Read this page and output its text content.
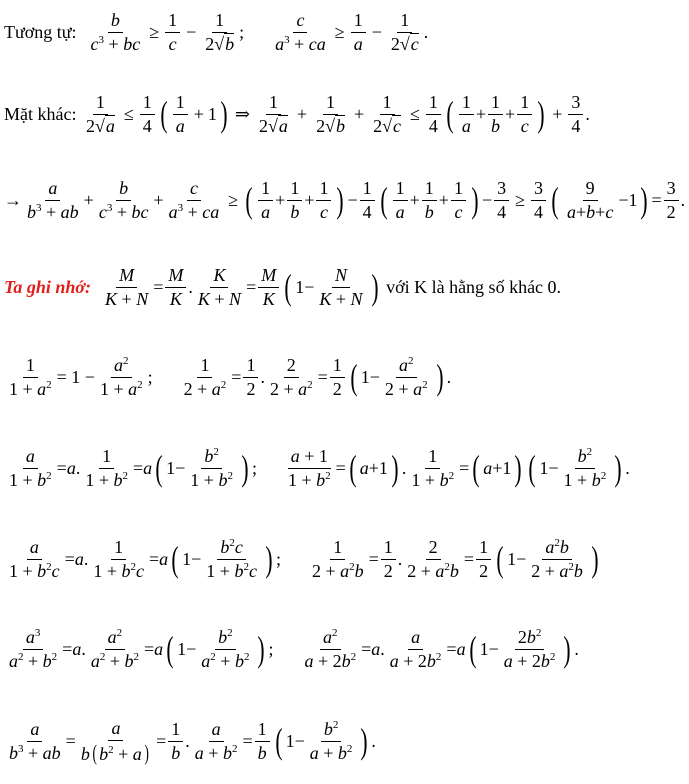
Tương tự:
$\frac{b}{c^3 + bc} \ge \frac{1}{c} - \frac{1}{2√b}$ ; $\frac{c}{a^3 + ca} \ge \frac{1}{a} - \frac{1}{2√c}$ .
Mặt khác:
$\frac{1}{2√a} \le \frac{1}{4}$ ( $\frac{1}{a} + 1$ ) ⇒ $\frac{1}{2√a} + \frac{1}{2√b} + \frac{1}{2√c} \le \frac{1}{4}$ ( $\frac{1}{a} + \frac{1}{b} + \frac{1}{c}$ ) + $\frac{3}{4}$ .
→ $\frac{a}{b^3 + ab} + \frac{b}{c^3 + bc} + \frac{c}{a^3 + ca}$ ≥ ( $\frac{1}{a} + \frac{1}{b} + \frac{1}{c}$ ) − $\frac{1}{4}$ ( $\frac{1}{a} + \frac{1}{b} + \frac{1}{c}$ ) − $\frac{3}{4} \ge \frac{3}{4}$ ( $\frac{9}{a+b+c} -1$ ) = $\frac{3}{2}$ .
Ta ghi nhớ:
$\frac{M}{K + N} = \frac{M}{K}$ . $\frac{K}{K + N} = \frac{M}{K}$ ( $1- \frac{N}{K + N}$ )
với K là hằng số khác 0.
$\frac{1}{1 + a^2} = 1 - \frac{a^2}{1 + a^2}$ ; $\frac{1}{2 + a^2} = \frac{1}{2}$ . $\frac{2}{2 + a^2} = \frac{1}{2}$ ( $1- \frac{a^2}{2 + a^2}$ ) .
$\frac{a}{1 + b^2} = a$ . $\frac{1}{1 + b^2} = a$ ( $1- \frac{b^2}{1 + b^2}$ ) ; $\frac{a + 1}{1 + b^2}$ = ( a +1 ) . $\frac{1}{1 + b^2}$ = ( a +1 ) ( $1- \frac{b^2}{1 + b^2}$ ) .
$\frac{a}{1 + b^2c} = a$ . $\frac{1}{1 + b^2c} = a$ ( $1- \frac{b^2c}{1 + b^2c}$ ) ; $\frac{1}{2 + a^2b} = \frac{1}{2}$ . $\frac{2}{2 + a^2b} = \frac{1}{2}$ ( $1- \frac{a^2b}{2 + a^2b}$ )
$\frac{a^3}{a^2 + b^2} = a$ . $\frac{a^2}{a^2 + b^2} = a$ ( $1- \frac{b^2}{a^2 + b^2}$ ) ; $\frac{a^2}{a + 2b^2} = a$ . $\frac{a}{a + 2b^2} = a$ ( $1- \frac{2b^2}{a + 2b^2}$ ) .
$\frac{a}{b^3 + ab} = \frac{a}{b ( b^2 + a )} = \frac{1}{b}$ . $\frac{a}{a + b^2} = \frac{1}{b}$ ( $1- \frac{b^2}{a + b^2}$ ) .
